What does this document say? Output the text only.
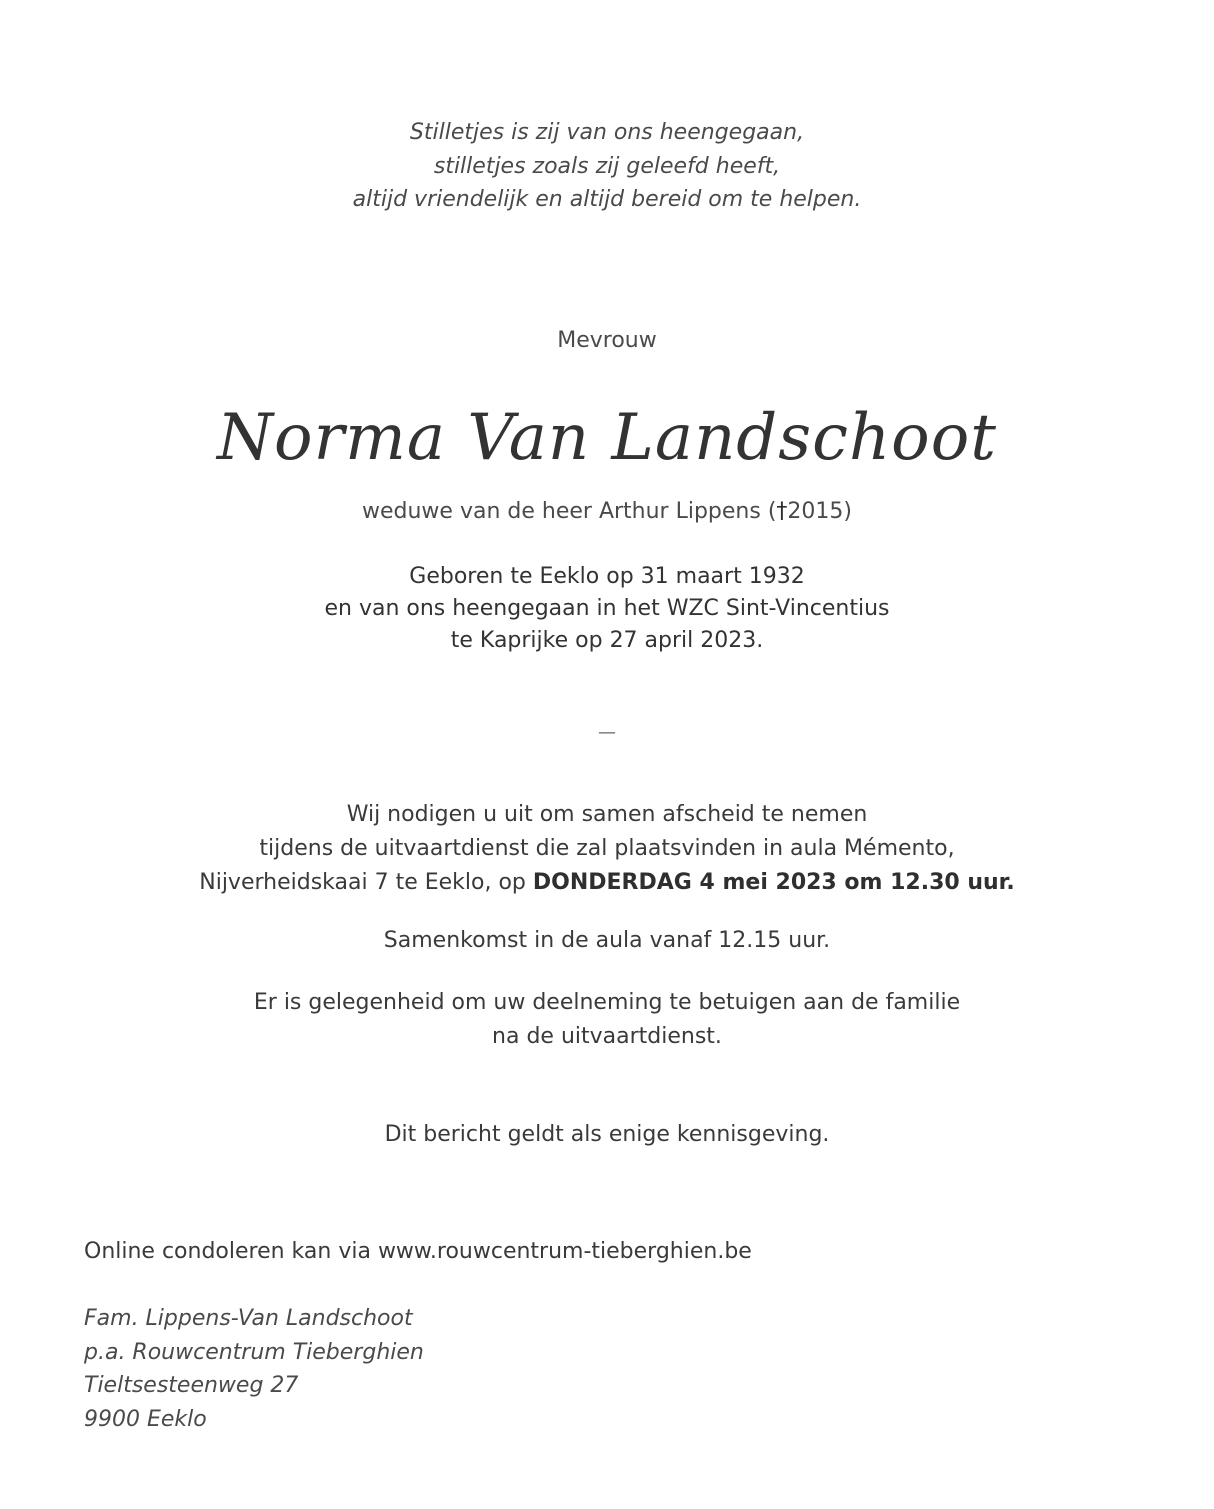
Stilletjes is zij van ons heengegaan,
stilletjes zoals zij geleefd heeft,
altijd vriendelijk en altijd bereid om te helpen.
Mevrouw
Norma Van Landschoot
weduwe van de heer Arthur Lippens (†2015)
Geboren te Eeklo op 31 maart 1932
en van ons heengegaan in het WZC Sint-Vincentius
te Kaprijke op 27 april 2023.
—
Wij nodigen u uit om samen afscheid te nemen
tijdens de uitvaartdienst die zal plaatsvinden in aula Mémento,
Nijverheidskaai 7 te Eeklo, op DONDERDAG 4 mei 2023 om 12.30 uur.
Samenkomst in de aula vanaf 12.15 uur.
Er is gelegenheid om uw deelneming te betuigen aan de familie
na de uitvaartdienst.
Dit bericht geldt als enige kennisgeving.
Online condoleren kan via www.rouwcentrum-tieberghien.be
Fam. Lippens-Van Landschoot
p.a. Rouwcentrum Tieberghien
Tieltsesteenweg 27
9900 Eeklo
